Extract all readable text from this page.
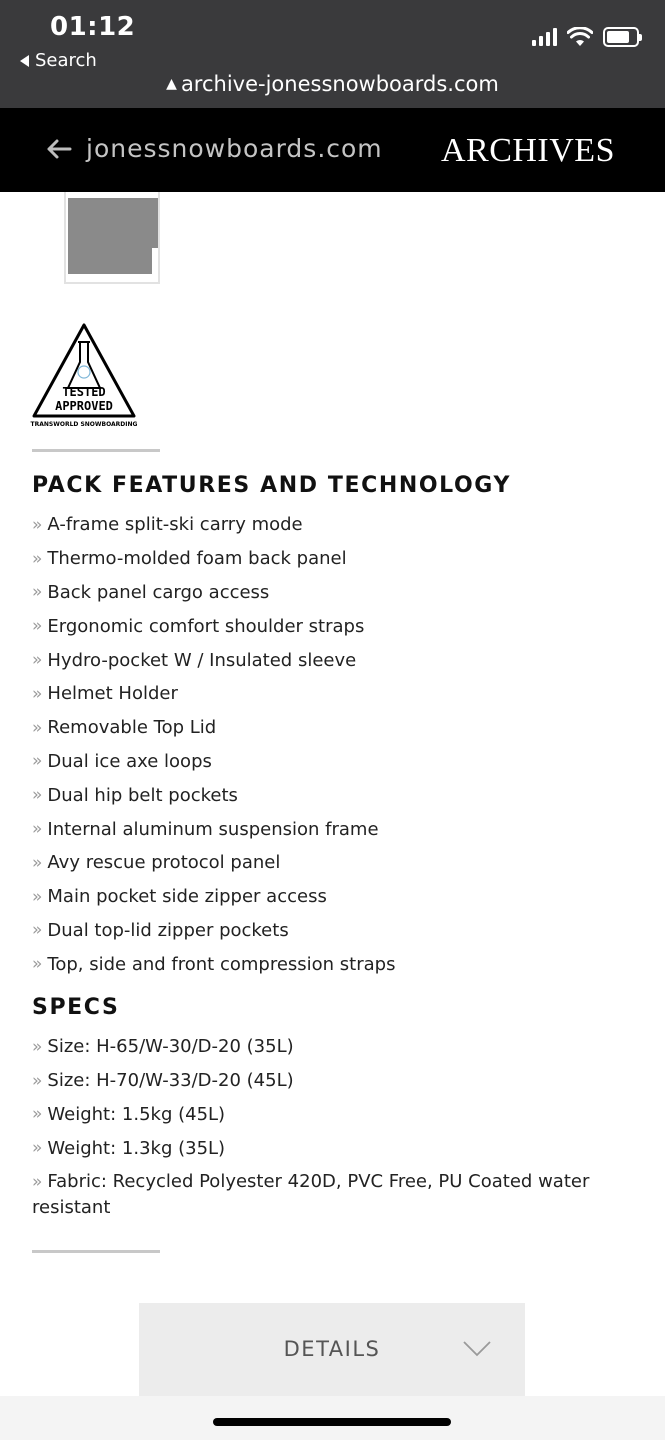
01:12
Search
▲ archive-jonessnowboards.com
jonessnowboards.com ARCHIVES
TESTED
APPROVED
TRANSWORLD SNOWBOARDING
PACK FEATURES AND TECHNOLOGY
» A-frame split-ski carry mode
» Thermo-molded foam back panel
» Back panel cargo access
» Ergonomic comfort shoulder straps
» Hydro-pocket W / Insulated sleeve
» Helmet Holder
» Removable Top Lid
» Dual ice axe loops
» Dual hip belt pockets
» Internal aluminum suspension frame
» Avy rescue protocol panel
» Main pocket side zipper access
» Dual top-lid zipper pockets
» Top, side and front compression straps
SPECS
» Size: H-65/W-30/D-20 (35L)
» Size: H-70/W-33/D-20 (45L)
» Weight: 1.5kg (45L)
» Weight: 1.3kg (35L)
» Fabric: Recycled Polyester 420D, PVC Free, PU Coated water resistant
DETAILS
